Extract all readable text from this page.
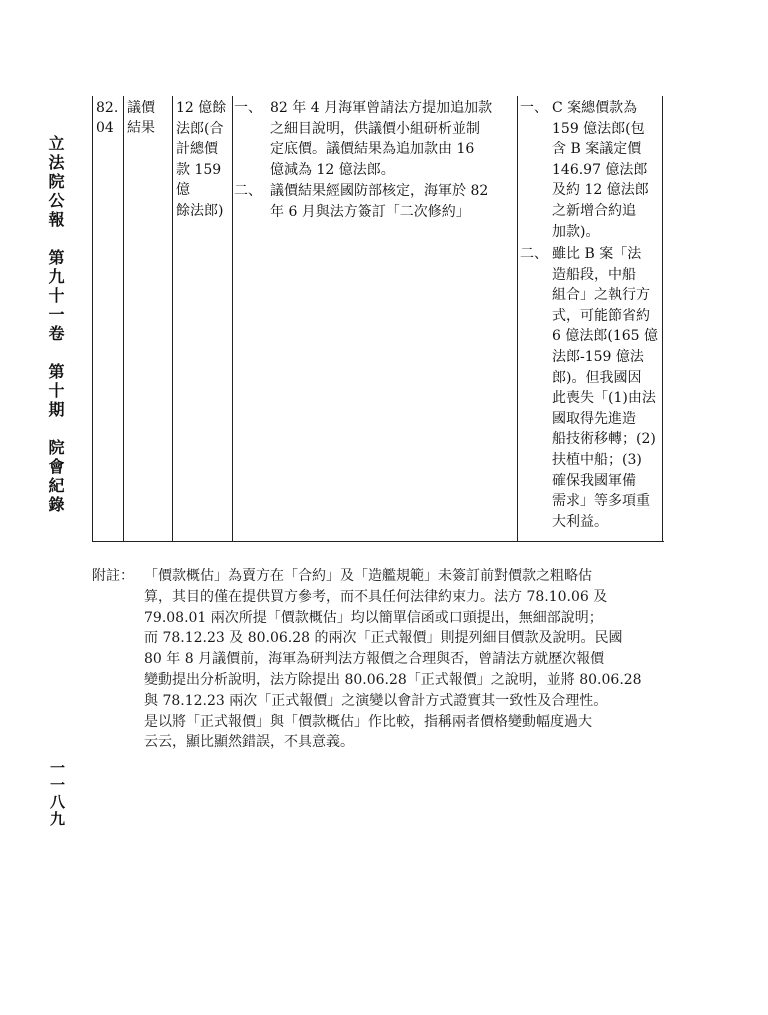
立法院公報　第九十一卷　第十期　院會紀錄
一一八九
82.
04
議價
結果
12 億餘
法郎(合
計總價
款 159
億
餘法郎)
一、 82 年 4 月海軍曾請法方提加追加款
之細目說明，供議價小組研析並制
定底價。議價結果為追加款由 16
億減為 12 億法郎。
二、 議價結果經國防部核定，海軍於 82
年 6 月與法方簽訂「二次修約」
一、 C 案總價款為
159 億法郎(包
含 B 案議定價
146.97 億法郎
及約 12 億法郎
之新增合約追
加款)。
二、 雖比 B 案「法
造船段，中船
組合」之執行方
式，可能節省約
6 億法郎(165 億
法郎-159 億法
郎)。但我國因
此喪失「(1)由法
國取得先進造
船技術移轉；(2)
扶植中船；(3)
確保我國軍備
需求」等多項重
大利益。
附註： 「價款概估」為賣方在「合約」及「造艦規範」未簽訂前對價款之粗略估
算，其目的僅在提供買方參考，而不具任何法律約束力。法方 78.10.06 及
79.08.01 兩次所提「價款概估」均以簡單信函或口頭提出，無細部說明；
而 78.12.23 及 80.06.28 的兩次「正式報價」則提列細目價款及說明。民國
80 年 8 月議價前，海軍為研判法方報價之合理與否，曾請法方就歷次報價
變動提出分析說明，法方除提出 80.06.28「正式報價」之說明，並將 80.06.28
與 78.12.23 兩次「正式報價」之演變以會計方式證實其一致性及合理性。
是以將「正式報價」與「價款概估」作比較，指稱兩者價格變動幅度過大
云云，顯比顯然錯誤，不具意義。
